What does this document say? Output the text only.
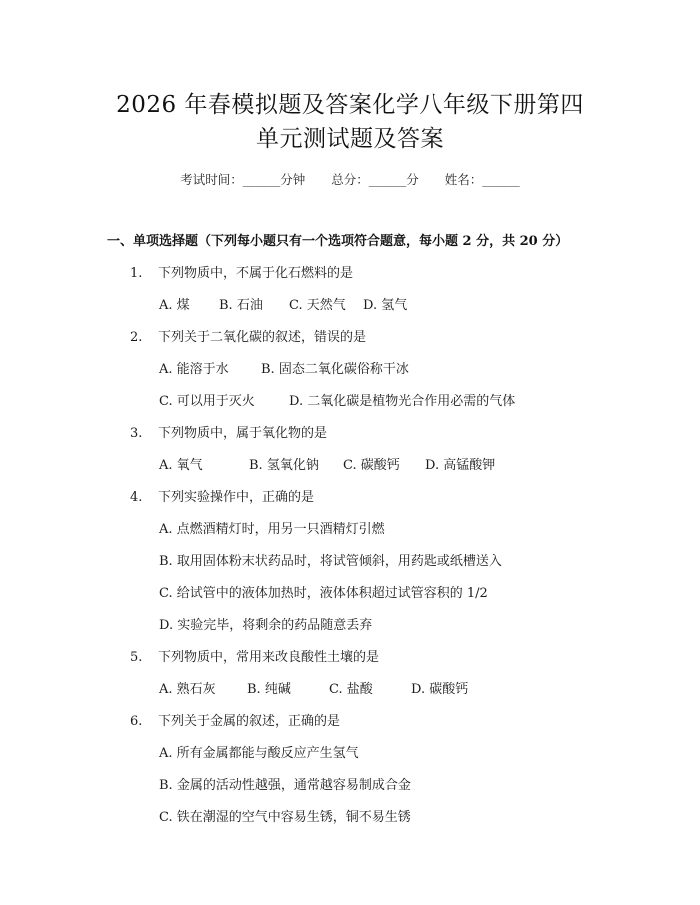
2026 年春模拟题及答案化学八年级下册第四
单元测试题及答案
考试时间：______分钟 总分：______分 姓名：______
一、单项选择题（下列每小题只有一个选项符合题意，每小题 2 分，共 20 分）
1. 下列物质中，不属于化石燃料的是
A. 煤 B. 石油 C. 天然气 D. 氢气
2. 下列关于二氧化碳的叙述，错误的是
A. 能溶于水 B. 固态二氧化碳俗称干冰
C. 可以用于灭火	D. 二氧化碳是植物光合作用必需的气体
3. 下列物质中，属于氧化物的是
A. 氧气	B. 氢氧化钠 C. 碳酸钙 D. 高锰酸钾
4. 下列实验操作中，正确的是
A. 点燃酒精灯时，用另一只酒精灯引燃
B. 取用固体粉末状药品时，将试管倾斜，用药匙或纸槽送入
C. 给试管中的液体加热时，液体体积超过试管容积的 1/2
D. 实验完毕，将剩余的药品随意丢弃
5. 下列物质中，常用来改良酸性土壤的是
A. 熟石灰 B. 纯碱	C. 盐酸	D. 碳酸钙
6. 下列关于金属的叙述，正确的是
A. 所有金属都能与酸反应产生氢气
B. 金属的活动性越强，通常越容易制成合金
C. 铁在潮湿的空气中容易生锈，铜不易生锈
